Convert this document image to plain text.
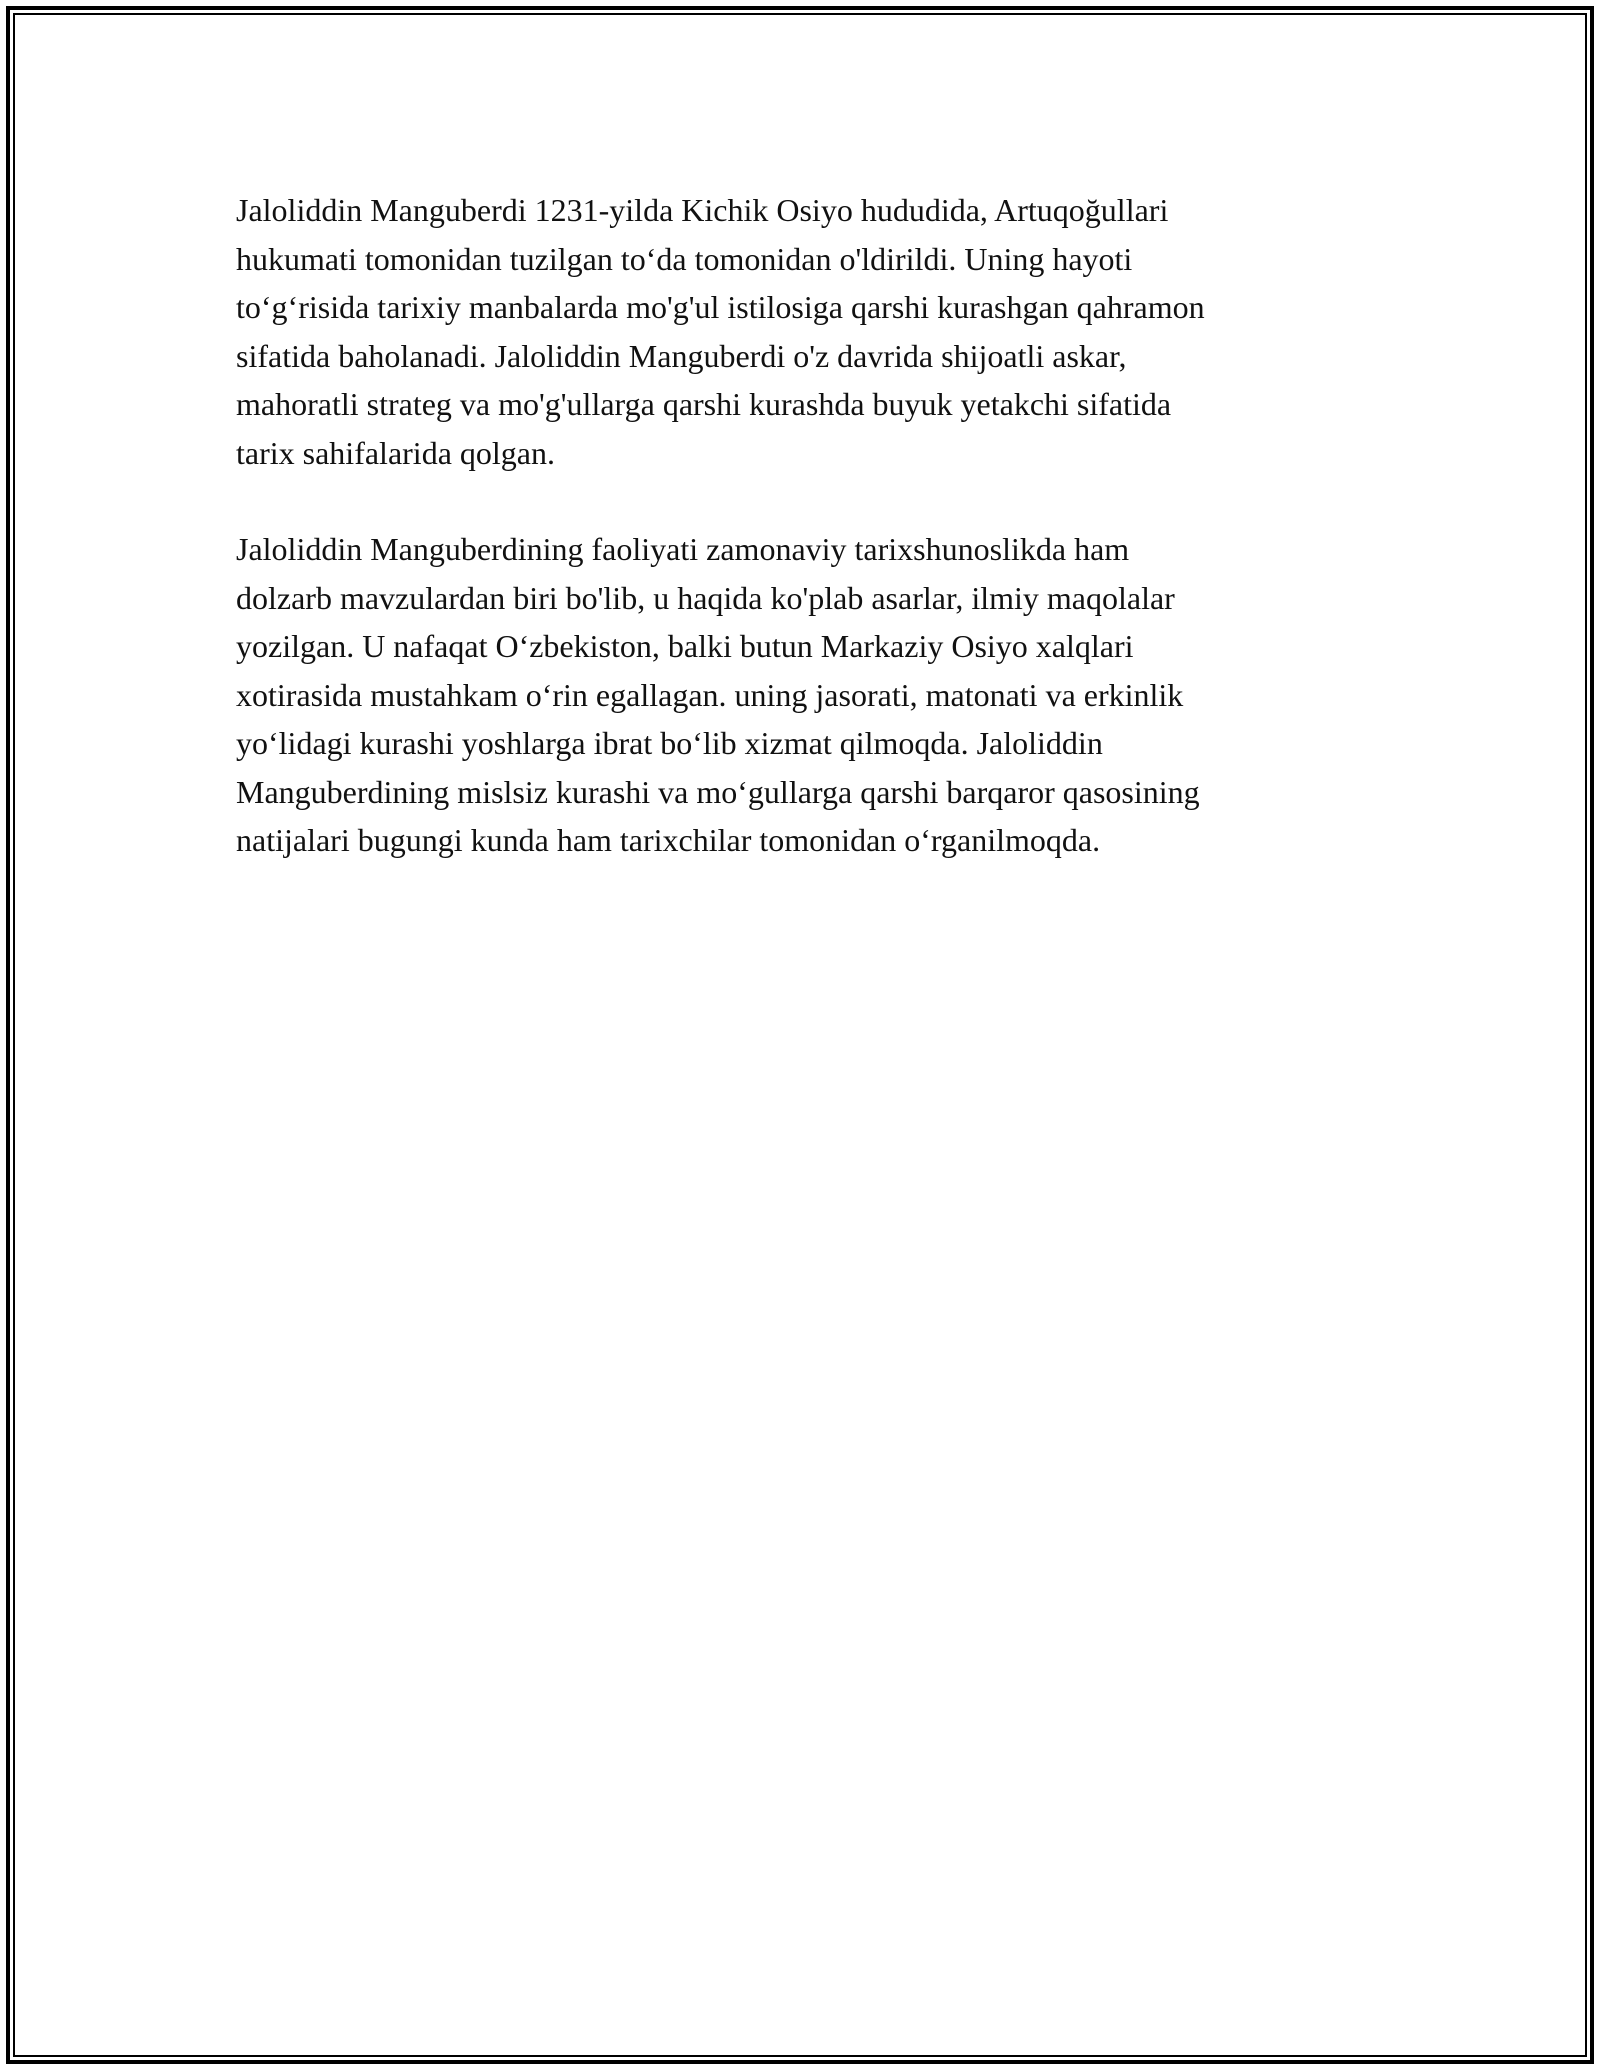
Jaloliddin Manguberdi 1231-yilda Kichik Osiyo hududida, Artuqoğullari
hukumati tomonidan tuzilgan toʻda tomonidan o'ldirildi. Uning hayoti
toʻgʻrisida tarixiy manbalarda mo'g'ul istilosiga qarshi kurashgan qahramon
sifatida baholanadi. Jaloliddin Manguberdi o'z davrida shijoatli askar,
mahoratli strateg va mo'g'ullarga qarshi kurashda buyuk yetakchi sifatida
tarix sahifalarida qolgan.
Jaloliddin Manguberdining faoliyati zamonaviy tarixshunoslikda ham
dolzarb mavzulardan biri bo'lib, u haqida ko'plab asarlar, ilmiy maqolalar
yozilgan. U nafaqat Oʻzbekiston, balki butun Markaziy Osiyo xalqlari
xotirasida mustahkam oʻrin egallagan. uning jasorati, matonati va erkinlik
yoʻlidagi kurashi yoshlarga ibrat boʻlib xizmat qilmoqda. Jaloliddin
Manguberdining mislsiz kurashi va moʻgullarga qarshi barqaror qasosining
natijalari bugungi kunda ham tarixchilar tomonidan oʻrganilmoqda.
